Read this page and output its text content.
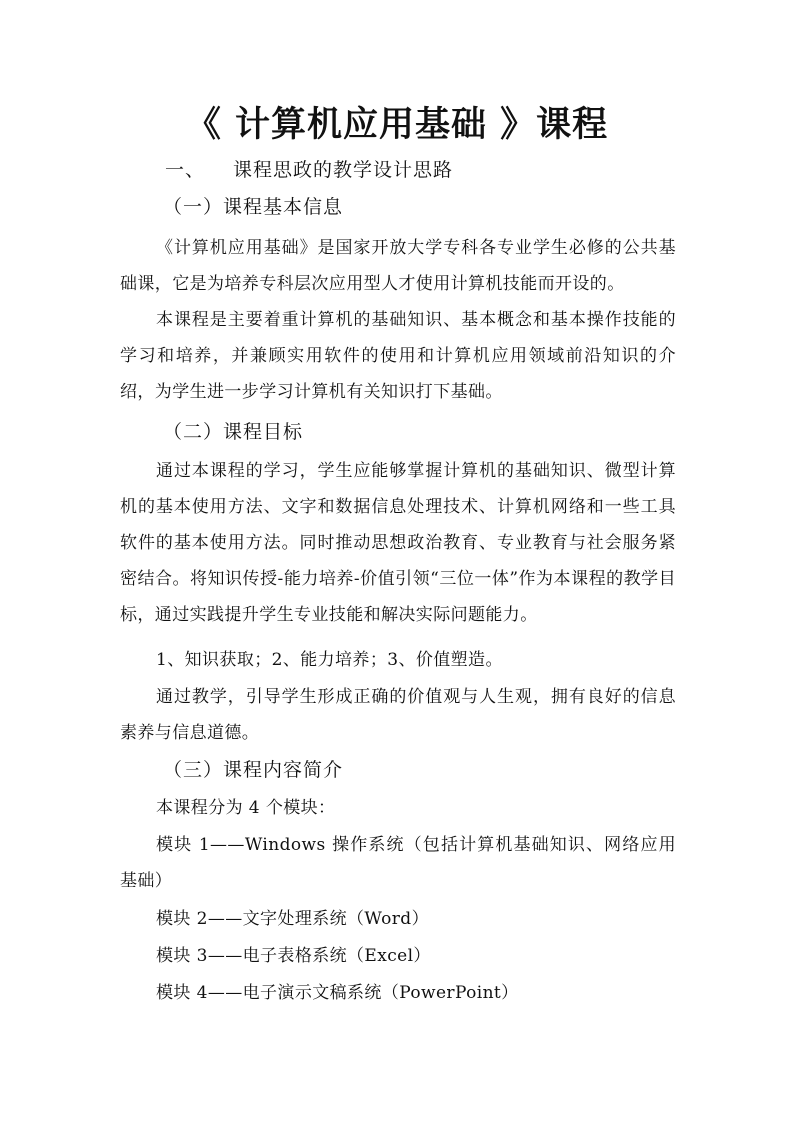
《 计算机应用基础 》课程
一、 课程思政的教学设计思路
（一）课程基本信息
《计算机应用基础》是国家开放大学专科各专业学生必修的公共基础课，它是为培养专科层次应用型人才使用计算机技能而开设的。
本课程是主要着重计算机的基础知识、基本概念和基本操作技能的学习和培养，并兼顾实用软件的使用和计算机应用领域前沿知识的介绍，为学生进一步学习计算机有关知识打下基础。
（二）课程目标
通过本课程的学习，学生应能够掌握计算机的基础知识、微型计算机的基本使用方法、文字和数据信息处理技术、计算机网络和一些工具软件的基本使用方法。同时推动思想政治教育、专业教育与社会服务紧密结合。将知识传授-能力培养-价值引领“三位一体”作为本课程的教学目标，通过实践提升学生专业技能和解决实际问题能力。
1、知识获取；2、能力培养；3、价值塑造。
通过教学，引导学生形成正确的价值观与人生观，拥有良好的信息素养与信息道德。
（三）课程内容简介
本课程分为 4 个模块：
模块 1——Windows 操作系统（包括计算机基础知识、网络应用基础）
模块 2——文字处理系统（Word）
模块 3——电子表格系统（Excel）
模块 4——电子演示文稿系统（PowerPoint）
